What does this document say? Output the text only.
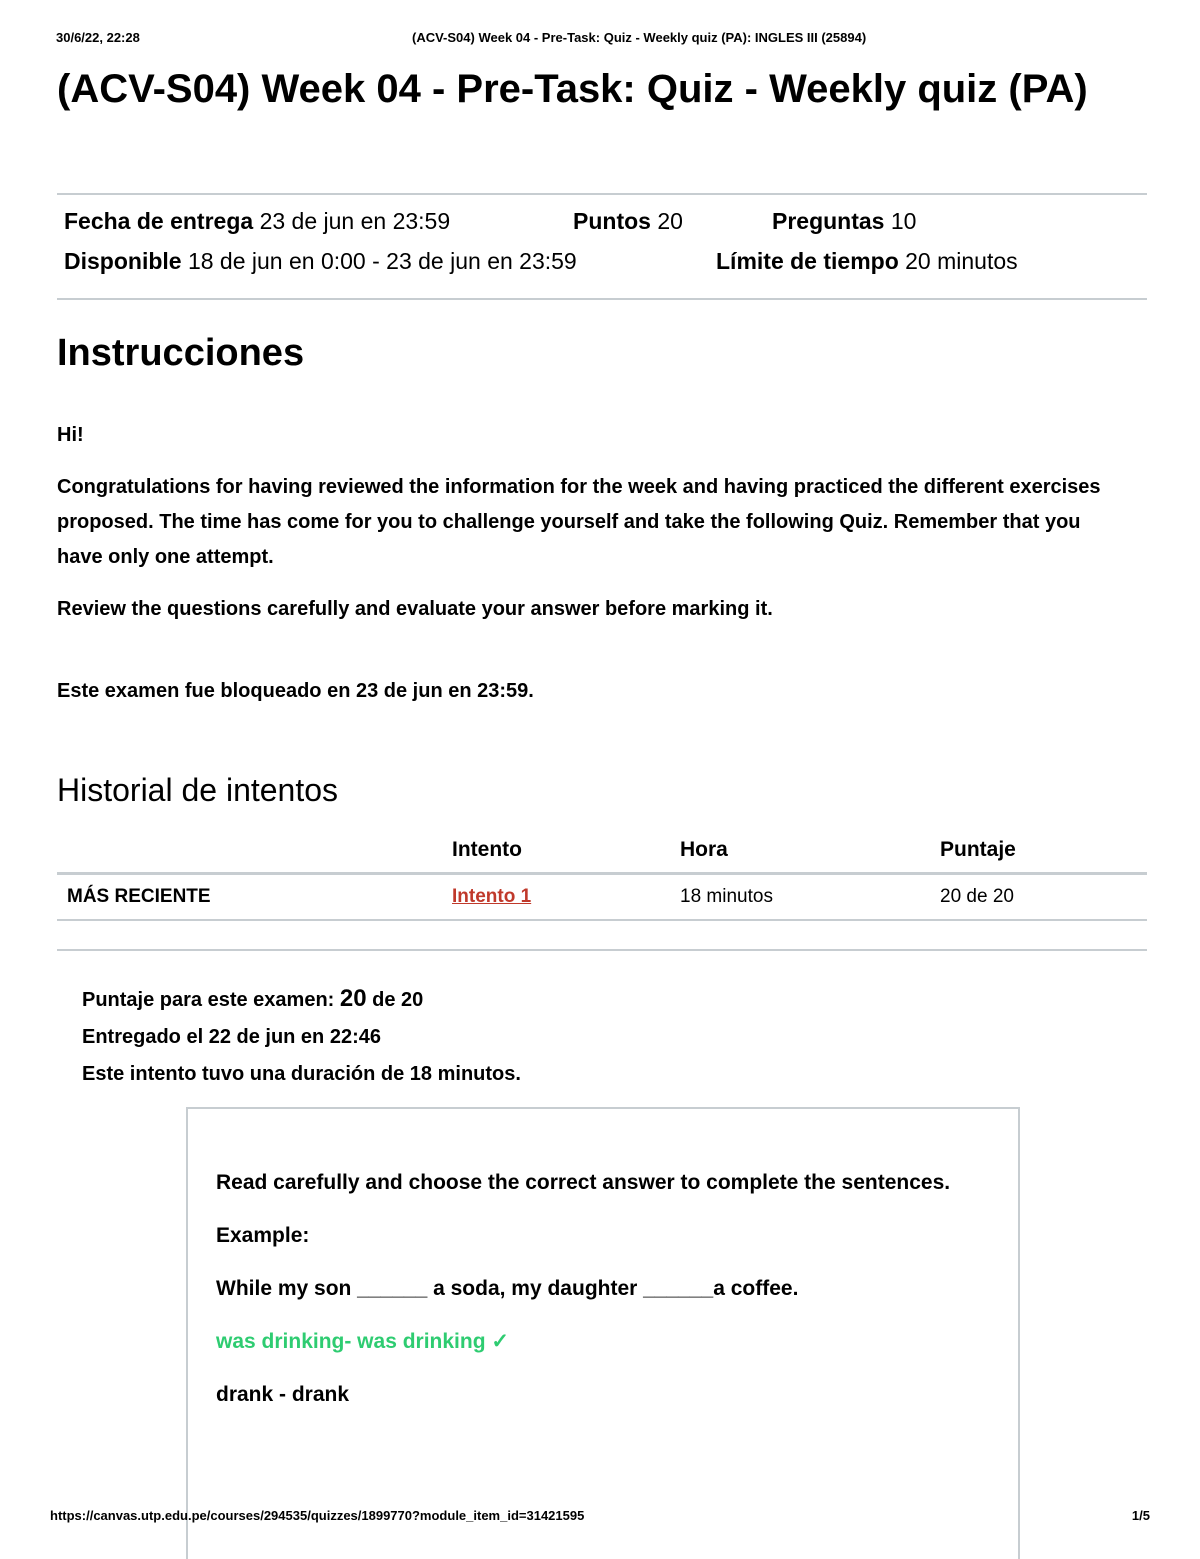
30/6/22, 22:28	(ACV-S04) Week 04 - Pre-Task: Quiz - Weekly quiz (PA): INGLES III (25894)
(ACV-S04) Week 04 - Pre-Task: Quiz - Weekly quiz (PA)
Fecha de entrega 23 de jun en 23:59	Puntos 20	Preguntas 10
Disponible 18 de jun en 0:00 - 23 de jun en 23:59	Límite de tiempo 20 minutos
Instrucciones
Hi!
Congratulations for having reviewed the information for the week and having practiced the different exercises proposed. The time has come for you to challenge yourself and take the following Quiz. Remember that you have only one attempt.
Review the questions carefully and evaluate your answer before marking it.
Este examen fue bloqueado en 23 de jun en 23:59.
Historial de intentos
	Intento	Hora	Puntaje
MÁS RECIENTE	Intento 1	18 minutos	20 de 20
Puntaje para este examen: 20 de 20
Entregado el 22 de jun en 22:46
Este intento tuvo una duración de 18 minutos.
Read carefully and choose the correct answer to complete the sentences.
Example:
While my son ______ a soda, my daughter ______a coffee.
was drinking- was drinking ✓
drank - drank
https://canvas.utp.edu.pe/courses/294535/quizzes/1899770?module_item_id=31421595	1/5
